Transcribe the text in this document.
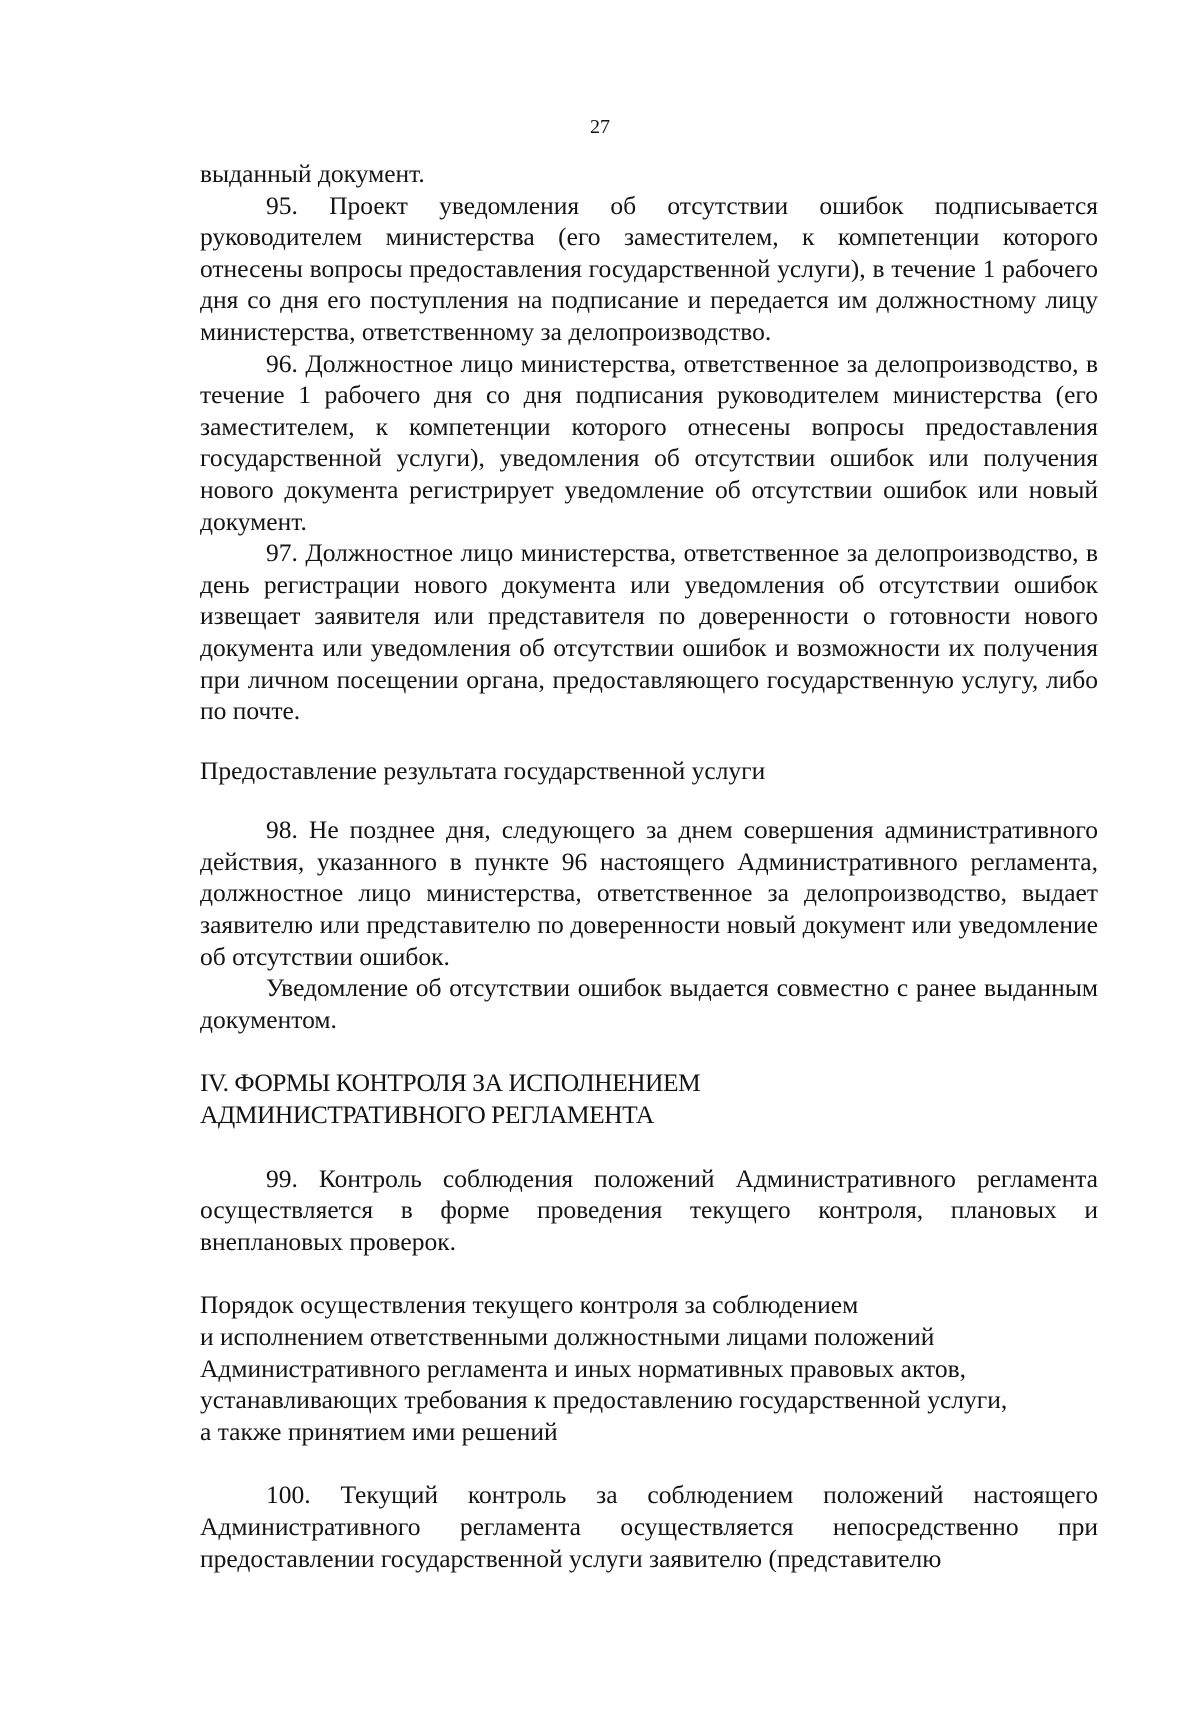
27

выданный документ.

95. Проект уведомления об отсутствии ошибок подписывается руководителем министерства (его заместителем, к компетенции которого отнесены вопросы предоставления государственной услуги), в течение 1 рабочего дня со дня его поступления на подписание и передается им должностному лицу министерства, ответственному за делопроизводство.

96. Должностное лицо министерства, ответственное за делопроизводство, в течение 1 рабочего дня со дня подписания руководителем министерства (его заместителем, к компетенции которого отнесены вопросы предоставления государственной услуги), уведомления об отсутствии ошибок или получения нового документа регистрирует уведомление об отсутствии ошибок или новый документ.

97. Должностное лицо министерства, ответственное за делопроизводство, в день регистрации нового документа или уведомления об отсутствии ошибок извещает заявителя или представителя по доверенности о готовности нового документа или уведомления об отсутствии ошибок и возможности их получения при личном посещении органа, предоставляющего государственную услугу, либо по почте.

Предоставление результата государственной услуги

98. Не позднее дня, следующего за днем совершения административного действия, указанного в пункте 96 настоящего Административного регламента, должностное лицо министерства, ответственное за делопроизводство, выдает заявителю или представителю по доверенности новый документ или уведомление об отсутствии ошибок.

Уведомление об отсутствии ошибок выдается совместно с ранее выданным документом.

IV. ФОРМЫ КОНТРОЛЯ ЗА ИСПОЛНЕНИЕМ

АДМИНИСТРАТИВНОГО РЕГЛАМЕНТА

99. Контроль соблюдения положений Административного регламента осуществляется в форме проведения текущего контроля, плановых и внеплановых проверок.

Порядок осуществления текущего контроля за соблюдением

и исполнением ответственными должностными лицами положений

Административного регламента и иных нормативных правовых актов,

устанавливающих требования к предоставлению государственной услуги,

а также принятием ими решений

100. Текущий контроль за соблюдением положений настоящего Административного регламента осуществляется непосредственно при предоставлении государственной услуги заявителю (представителю
